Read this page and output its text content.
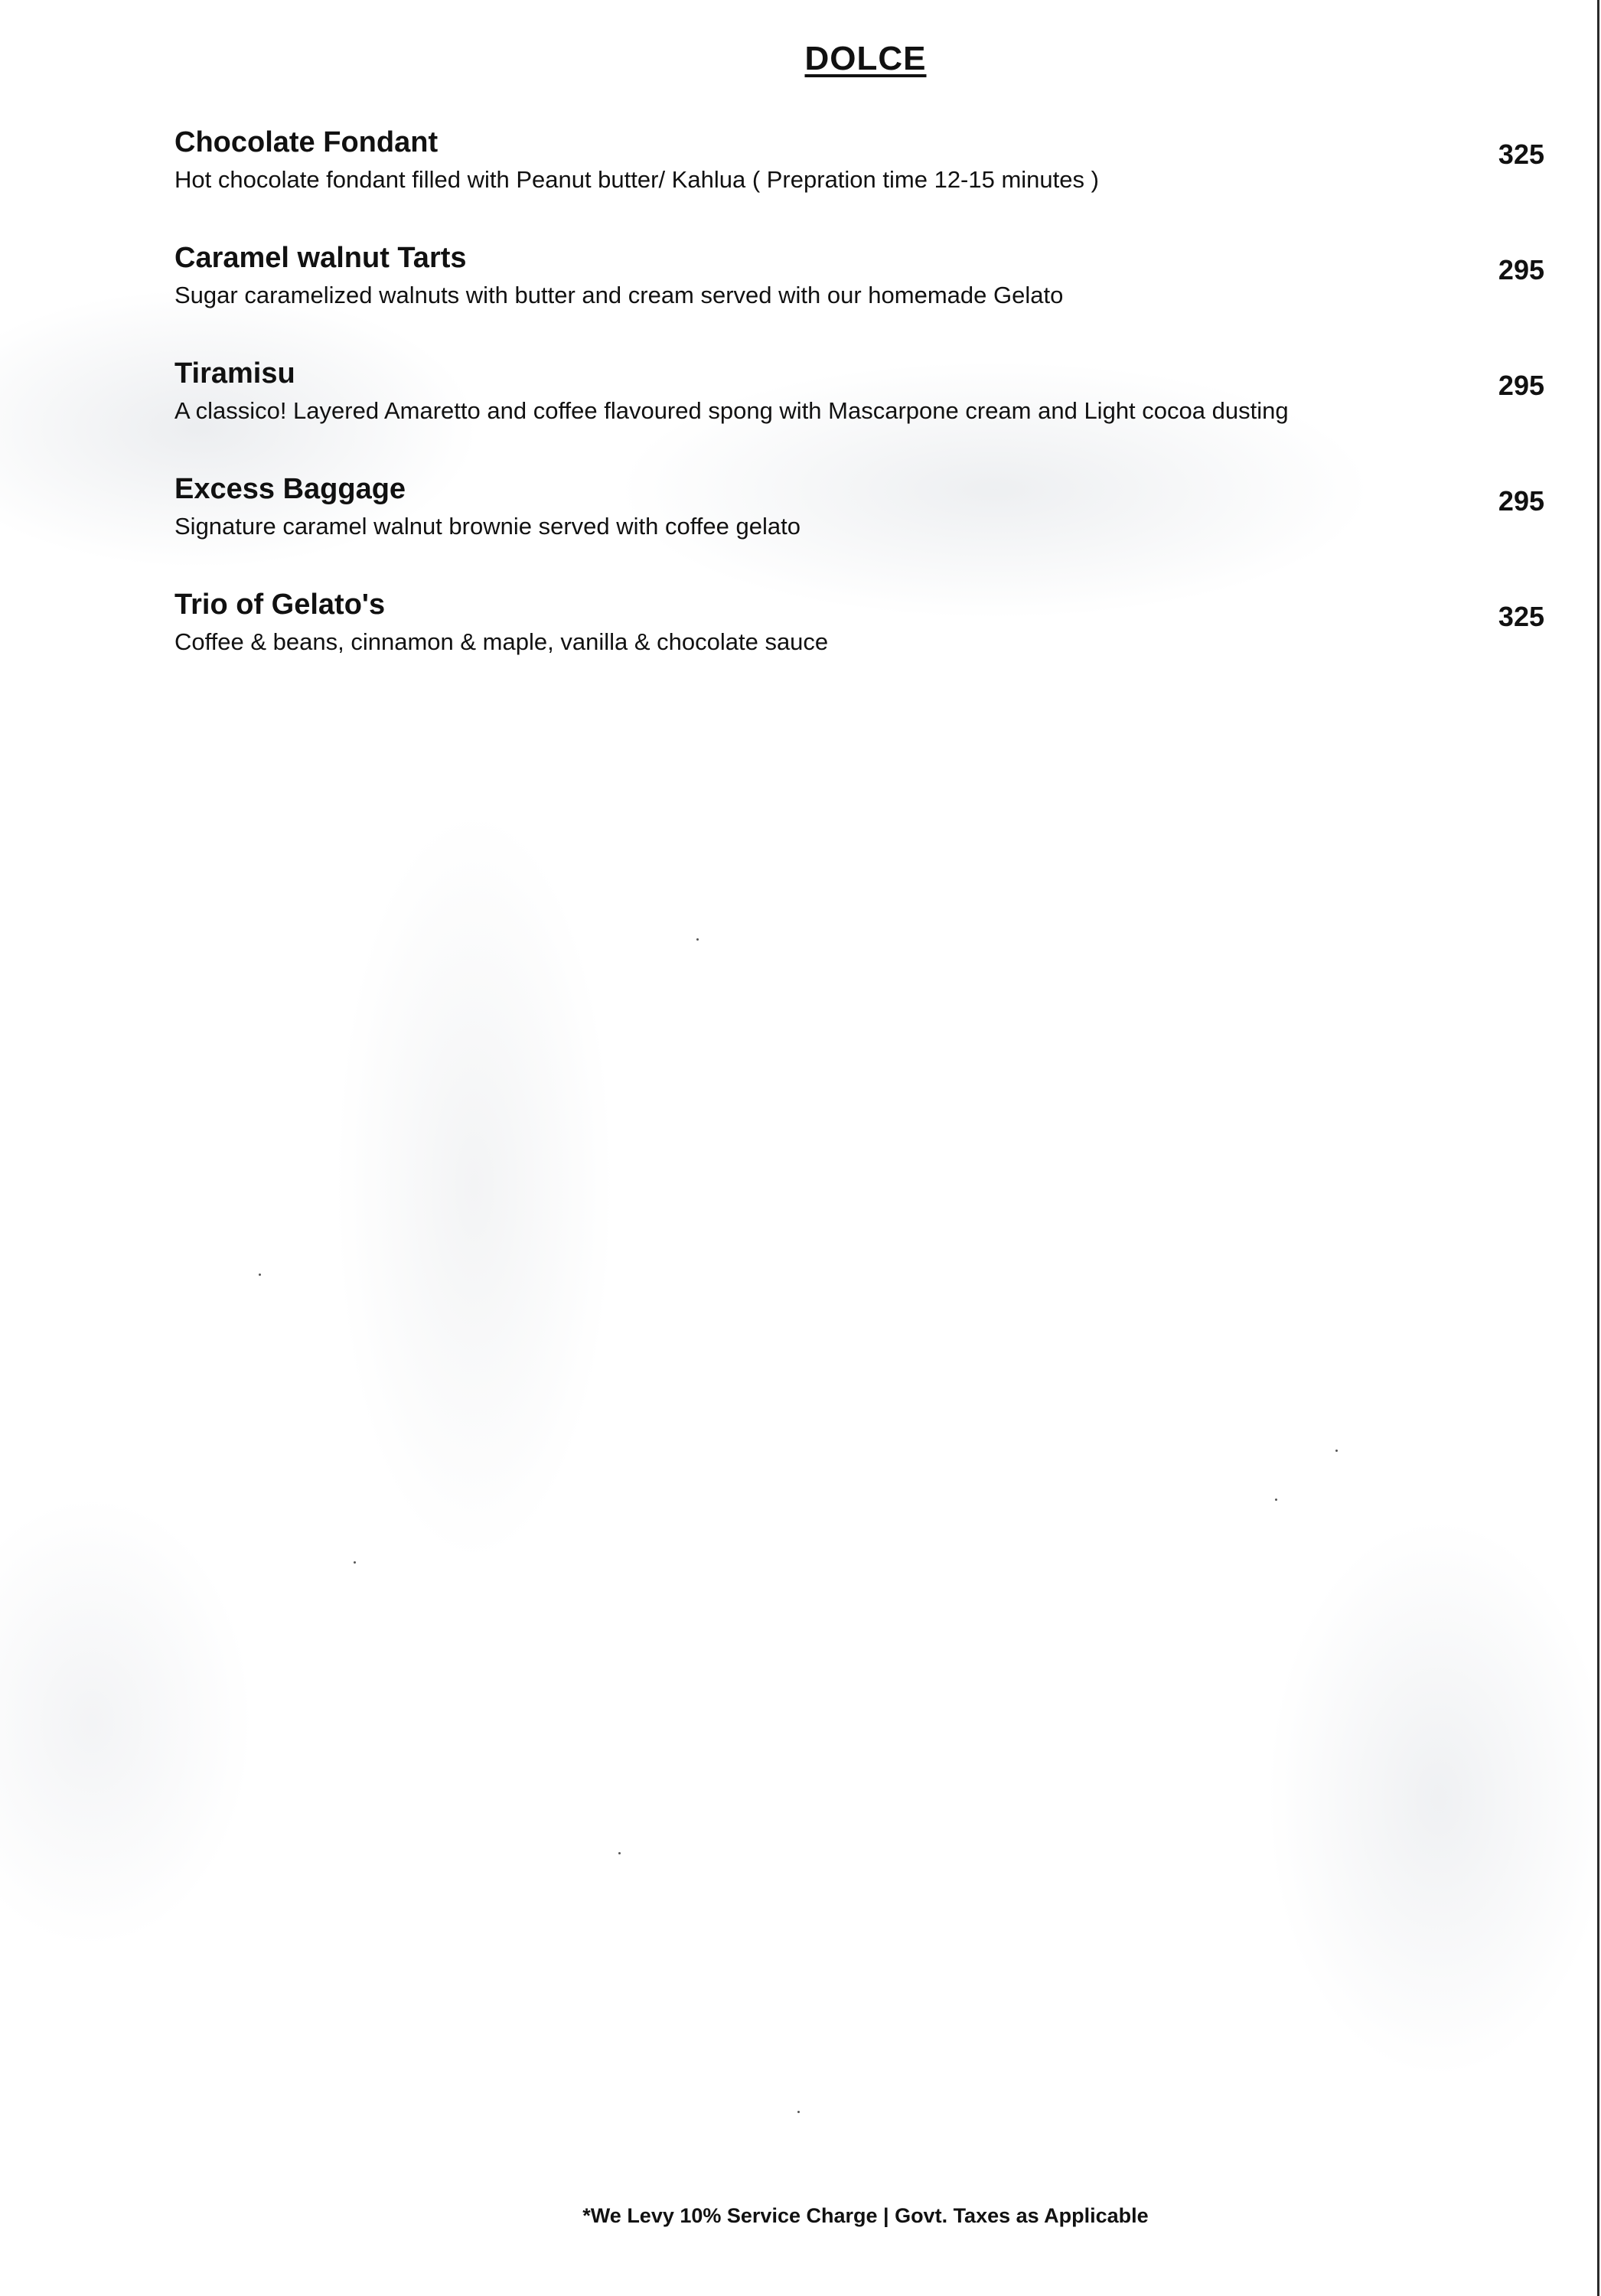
DOLCE

Chocolate Fondant

Hot chocolate fondant filled with Peanut butter/ Kahlua ( Prepration time 12-15 minutes )

325

Caramel walnut Tarts

Sugar caramelized walnuts with butter and cream served with our homemade Gelato

295

Tiramisu

A classico! Layered Amaretto and coffee flavoured spong with Mascarpone cream and Light cocoa dusting

295

Excess Baggage

Signature caramel walnut brownie served with coffee gelato

295

Trio of Gelato's

Coffee & beans, cinnamon & maple, vanilla & chocolate sauce

325
*We Levy 10% Service Charge | Govt. Taxes as Applicable
